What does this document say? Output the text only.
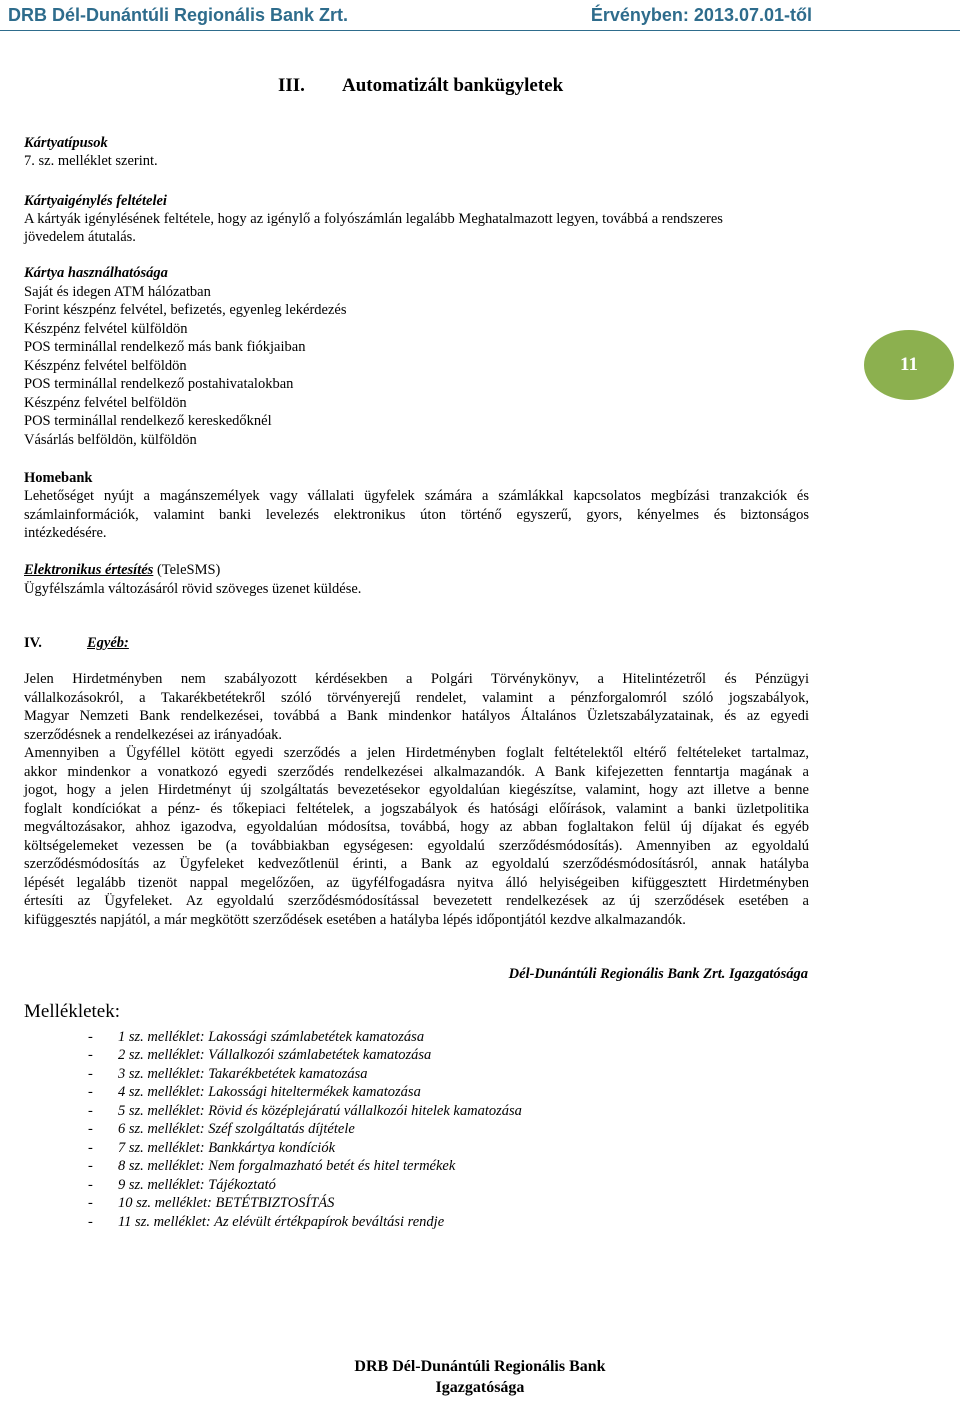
DRB Dél-Dunántúli Regionális Bank Zrt.	Érvényben: 2013.07.01-től
III. Automatizált bankügyletek
Kártyatípusok
7. sz. melléklet szerint.
Kártyaigénylés feltételei
A kártyák igénylésének feltétele, hogy az igénylő a folyószámlán legalább Meghatalmazott legyen, továbbá a rendszeres
jövedelem átutalás.
Kártya használhatósága
Saját és idegen ATM hálózatban
Forint készpénz felvétel, befizetés, egyenleg lekérdezés
Készpénz felvétel külföldön
POS terminállal rendelkező más bank fiókjaiban
Készpénz felvétel belföldön
POS terminállal rendelkező postahivatalokban
Készpénz felvétel belföldön
POS terminállal rendelkező kereskedőknél
Vásárlás belföldön, külföldön
11
Homebank
Lehetőséget nyújt a magánszemélyek vagy vállalati ügyfelek számára a számlákkal kapcsolatos megbízási tranzakciók és
számlainformációk, valamint banki levelezés elektronikus úton történő egyszerű, gyors, kényelmes és biztonságos
intézkedésére.
Elektronikus értesítés (TeleSMS)
Ügyfélszámla változásáról rövid szöveges üzenet küldése.
IV.	Egyéb:
Jelen Hirdetményben nem szabályozott kérdésekben a Polgári Törvénykönyv, a Hitelintézetről és Pénzügyi
vállalkozásokról, a Takarékbetétekről szóló törvényerejű rendelet, valamint a pénzforgalomról szóló jogszabályok,
Magyar Nemzeti Bank rendelkezései, továbbá a Bank mindenkor hatályos Általános Üzletszabályzatainak, és az egyedi
szerződésnek a rendelkezései az irányadóak.
Amennyiben a Ügyféllel kötött egyedi szerződés a jelen Hirdetményben foglalt feltételektől eltérő feltételeket tartalmaz,
akkor mindenkor a vonatkozó egyedi szerződés rendelkezései alkalmazandók. A Bank kifejezetten fenntartja magának a
jogot, hogy a jelen Hirdetményt új szolgáltatás bevezetésekor egyoldalúan kiegészítse, valamint, hogy azt illetve a benne
foglalt kondíciókat a pénz- és tőkepiaci feltételek, a jogszabályok és hatósági előírások, valamint a banki üzletpolitika
megváltozásakor, ahhoz igazodva, egyoldalúan módosítsa, továbbá, hogy az abban foglaltakon felül új díjakat és egyéb
költségelemeket vezessen be (a továbbiakban egységesen: egyoldalú szerződésmódosítás). Amennyiben az egyoldalú
szerződésmódosítás az Ügyfeleket kedvezőtlenül érinti, a Bank az egyoldalú szerződésmódosításról, annak hatályba
lépését legalább tizenöt nappal megelőzően, az ügyfélfogadásra nyitva álló helyiségeiben kifüggesztett Hirdetményben
értesíti az Ügyfeleket. Az egyoldalú szerződésmódosítással bevezetett rendelkezések az új szerződések esetében a
kifüggesztés napjától, a már megkötött szerződések esetében a hatályba lépés időpontjától kezdve alkalmazandók.
Dél-Dunántúli Regionális Bank Zrt. Igazgatósága
Mellékletek:
- 1 sz. melléklet: Lakossági számlabetétek kamatozása
- 2 sz. melléklet: Vállalkozói számlabetétek kamatozása
- 3 sz. melléklet: Takarékbetétek kamatozása
- 4 sz. melléklet: Lakossági hiteltermékek kamatozása
- 5 sz. melléklet: Rövid és középlejáratú vállalkozói hitelek kamatozása
- 6 sz. melléklet: Széf szolgáltatás díjtétele
- 7 sz. melléklet: Bankkártya kondíciók
- 8 sz. melléklet: Nem forgalmazható betét és hitel termékek
- 9 sz. melléklet: Tájékoztató
- 10 sz. melléklet: BETÉTBIZTOSÍTÁS
- 11 sz. melléklet: Az elévült értékpapírok beváltási rendje
DRB Dél-Dunántúli Regionális Bank
Igazgatósága
